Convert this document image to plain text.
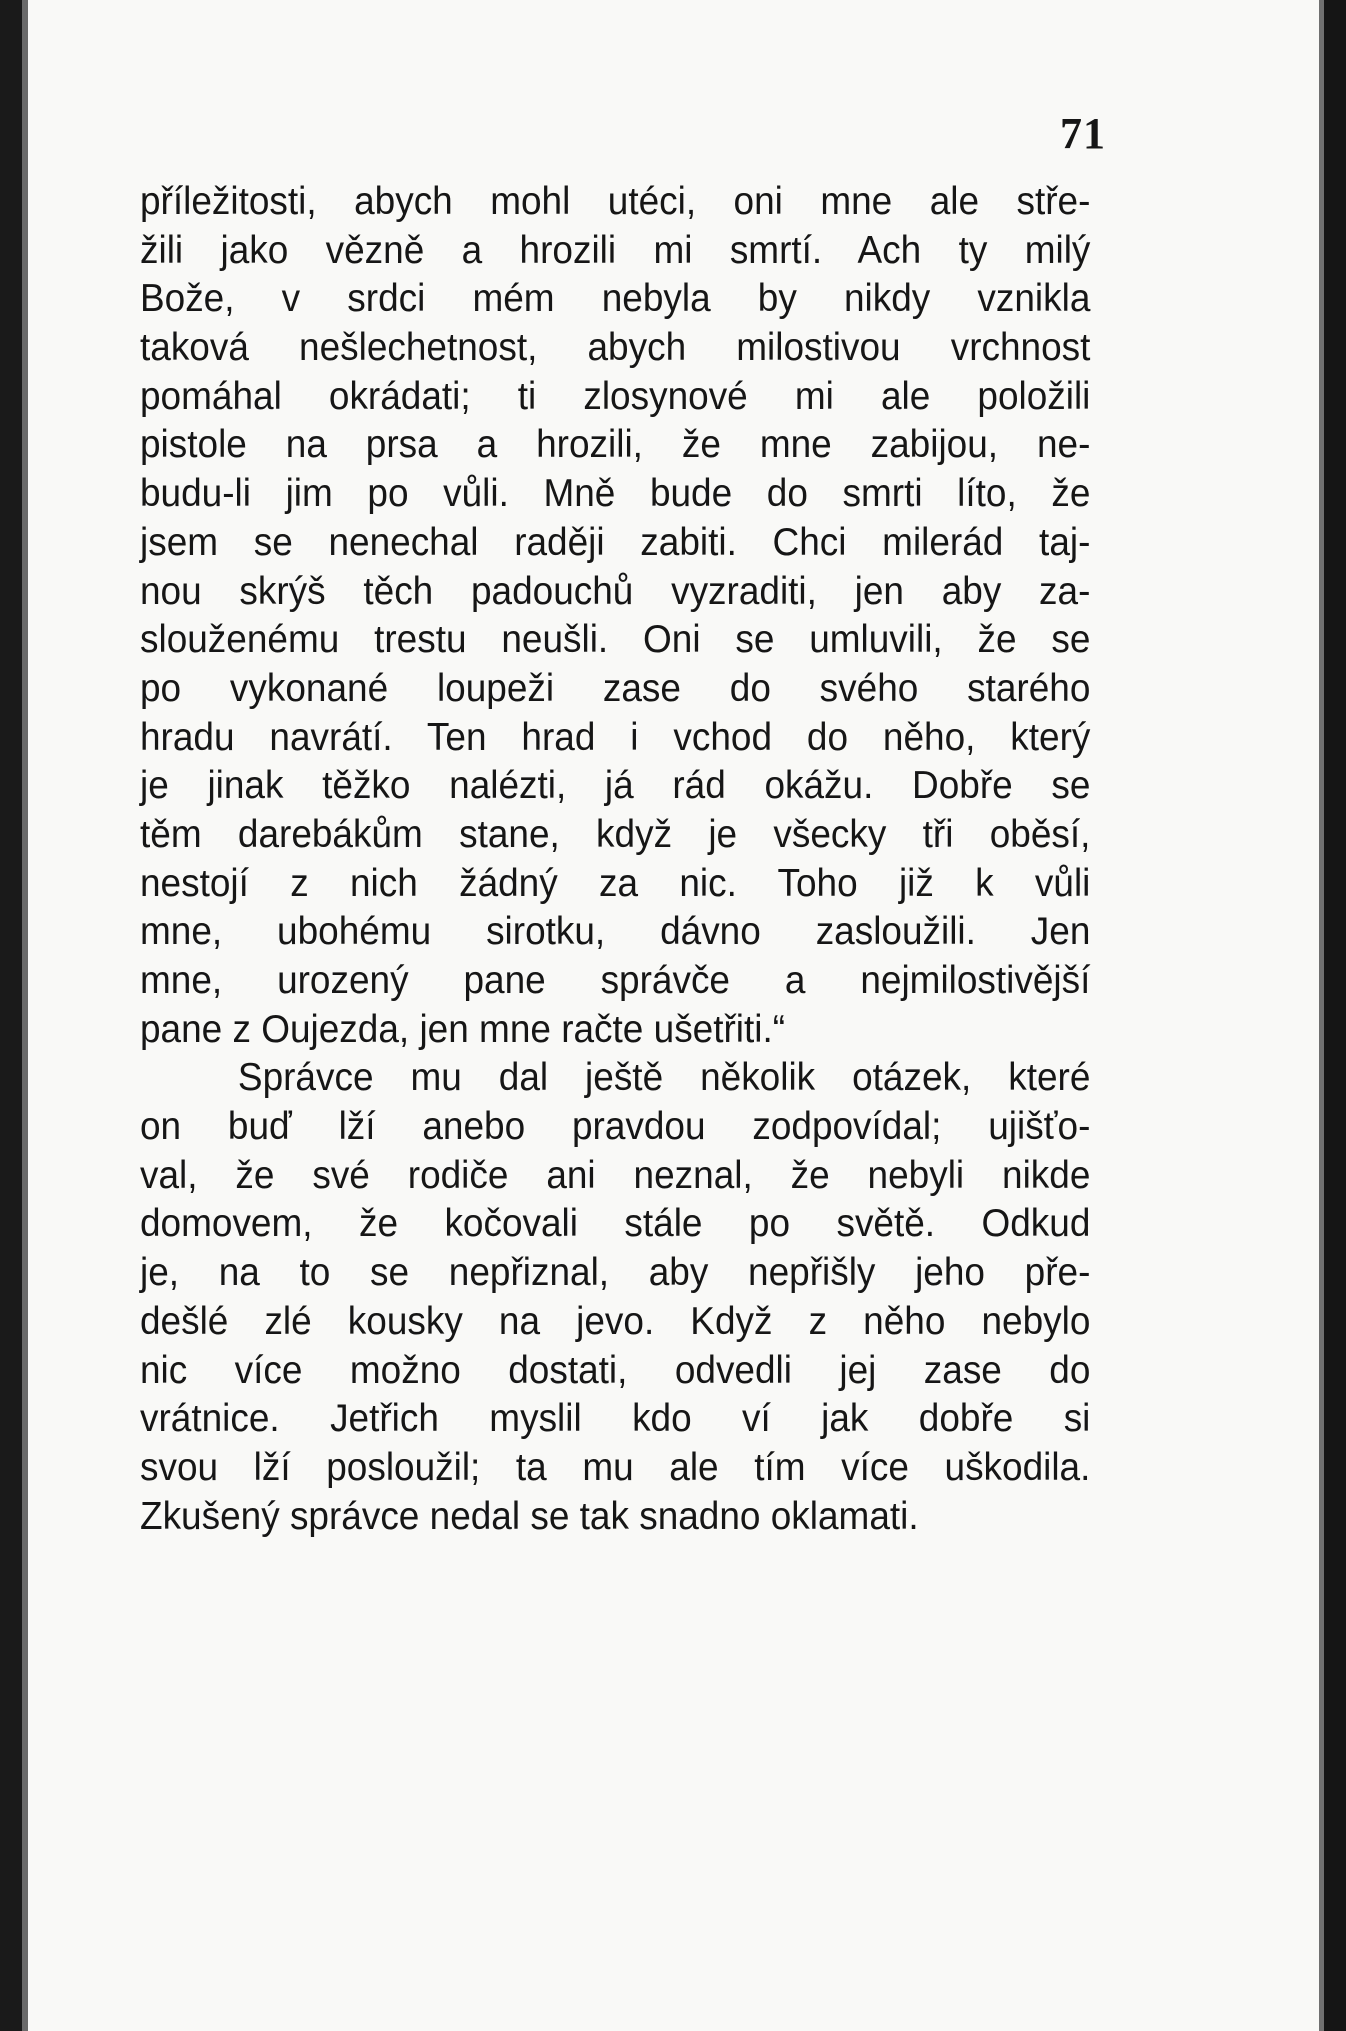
71
příležitosti, abych mohl utéci, oni mne ale stře-
žili jako vězně a hrozili mi smrtí. Ach ty milý
Bože, v srdci mém nebyla by nikdy vznikla
taková nešlechetnost, abych milostivou vrchnost
pomáhal okrádati; ti zlosynové mi ale položili
pistole na prsa a hrozili, že mne zabijou, ne-
budu-li jim po vůli. Mně bude do smrti líto, že
jsem se nenechal raději zabiti. Chci milerád taj-
nou skrýš těch padouchů vyzraditi, jen aby za-
slouženému trestu neušli. Oni se umluvili, že se
po vykonané loupeži zase do svého starého
hradu navrátí. Ten hrad i vchod do něho, který
je jinak těžko nalézti, já rád okážu. Dobře se
těm darebákům stane, když je všecky tři oběsí,
nestojí z nich žádný za nic. Toho již k vůli
mne, ubohému sirotku, dávno zasloužili. Jen
mne, urozený pane správče a nejmilostivější
pane z Oujezda, jen mne račte ušetřiti.“
Správce mu dal ještě několik otázek, které
on buď lží anebo pravdou zodpovídal; ujišťo-
val, že své rodiče ani neznal, že nebyli nikde
domovem, že kočovali stále po světě. Odkud
je, na to se nepřiznal, aby nepřišly jeho pře-
dešlé zlé kousky na jevo. Když z něho nebylo
nic více možno dostati, odvedli jej zase do
vrátnice. Jetřich myslil kdo ví jak dobře si
svou lží posloužil; ta mu ale tím více uškodila.
Zkušený správce nedal se tak snadno oklamati.
